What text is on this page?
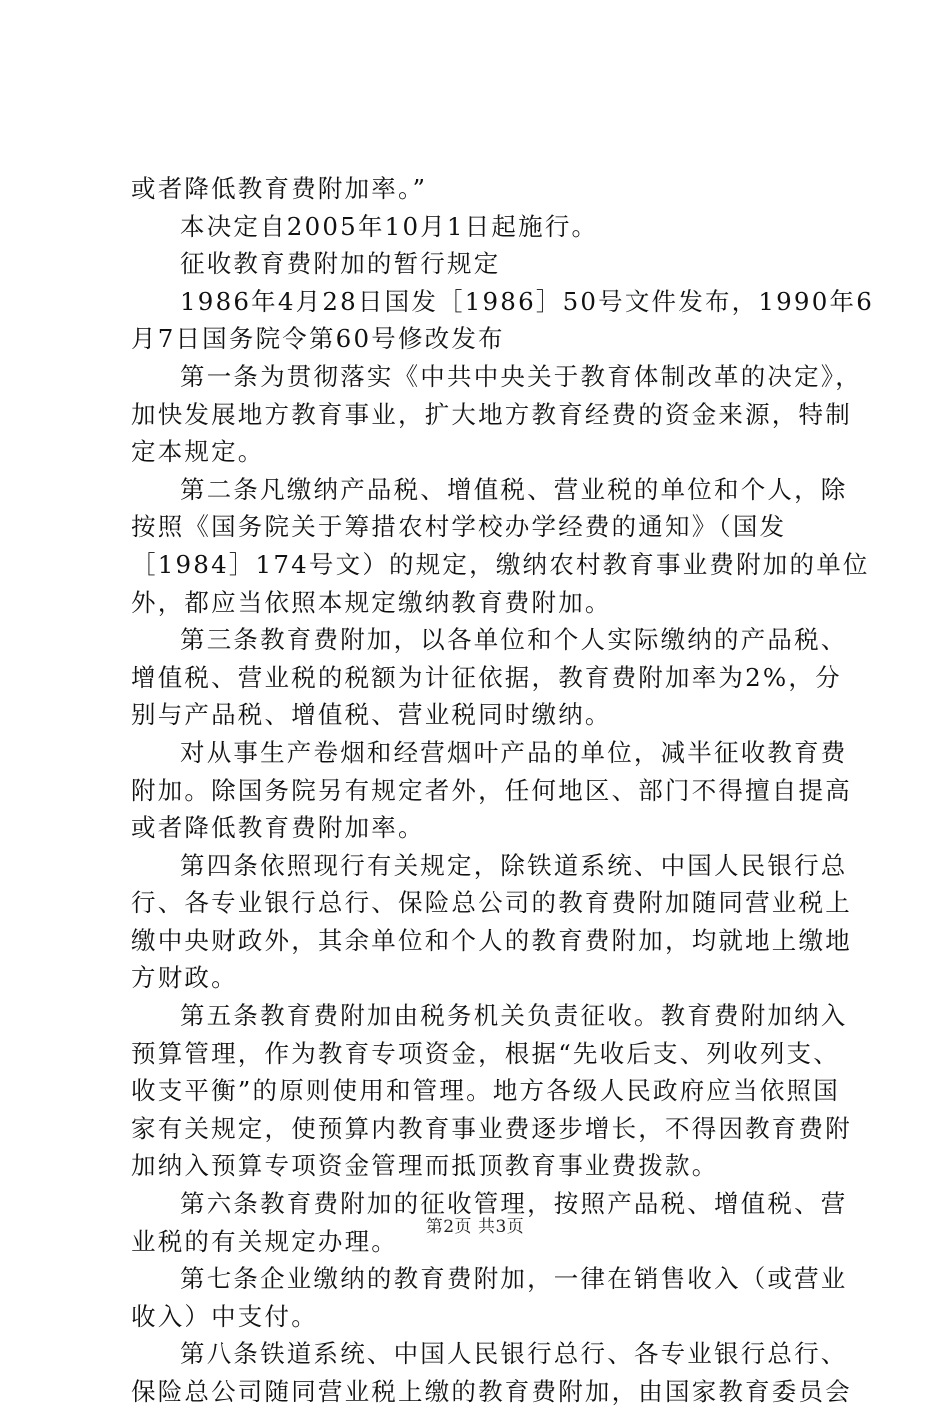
或者降低教育费附加率。”
本决定自2005年10月1日起施行。
征收教育费附加的暂行规定
1986年4月28日国发［1986］50号文件发布，1990年6
月7日国务院令第60号修改发布
第一条为贯彻落实《中共中央关于教育体制改革的决定》，
加快发展地方教育事业，扩大地方教育经费的资金来源，特制
定本规定。
第二条凡缴纳产品税、增值税、营业税的单位和个人，除
按照《国务院关于筹措农村学校办学经费的通知》（国发
［1984］174号文）的规定，缴纳农村教育事业费附加的单位
外，都应当依照本规定缴纳教育费附加。
第三条教育费附加，以各单位和个人实际缴纳的产品税、
增值税、营业税的税额为计征依据，教育费附加率为2%，分
别与产品税、增值税、营业税同时缴纳。
对从事生产卷烟和经营烟叶产品的单位，减半征收教育费
附加。除国务院另有规定者外，任何地区、部门不得擅自提高
或者降低教育费附加率。
第四条依照现行有关规定，除铁道系统、中国人民银行总
行、各专业银行总行、保险总公司的教育费附加随同营业税上
缴中央财政外，其余单位和个人的教育费附加，均就地上缴地
方财政。
第五条教育费附加由税务机关负责征收。教育费附加纳入
预算管理，作为教育专项资金，根据“先收后支、列收列支、
收支平衡”的原则使用和管理。地方各级人民政府应当依照国
家有关规定，使预算内教育事业费逐步增长，不得因教育费附
加纳入预算专项资金管理而抵顶教育事业费拨款。
第六条教育费附加的征收管理，按照产品税、增值税、营
业税的有关规定办理。
第七条企业缴纳的教育费附加，一律在销售收入（或营业
收入）中支付。
第八条铁道系统、中国人民银行总行、各专业银行总行、
保险总公司随同营业税上缴的教育费附加，由国家教育委员会
第2页 共3页
